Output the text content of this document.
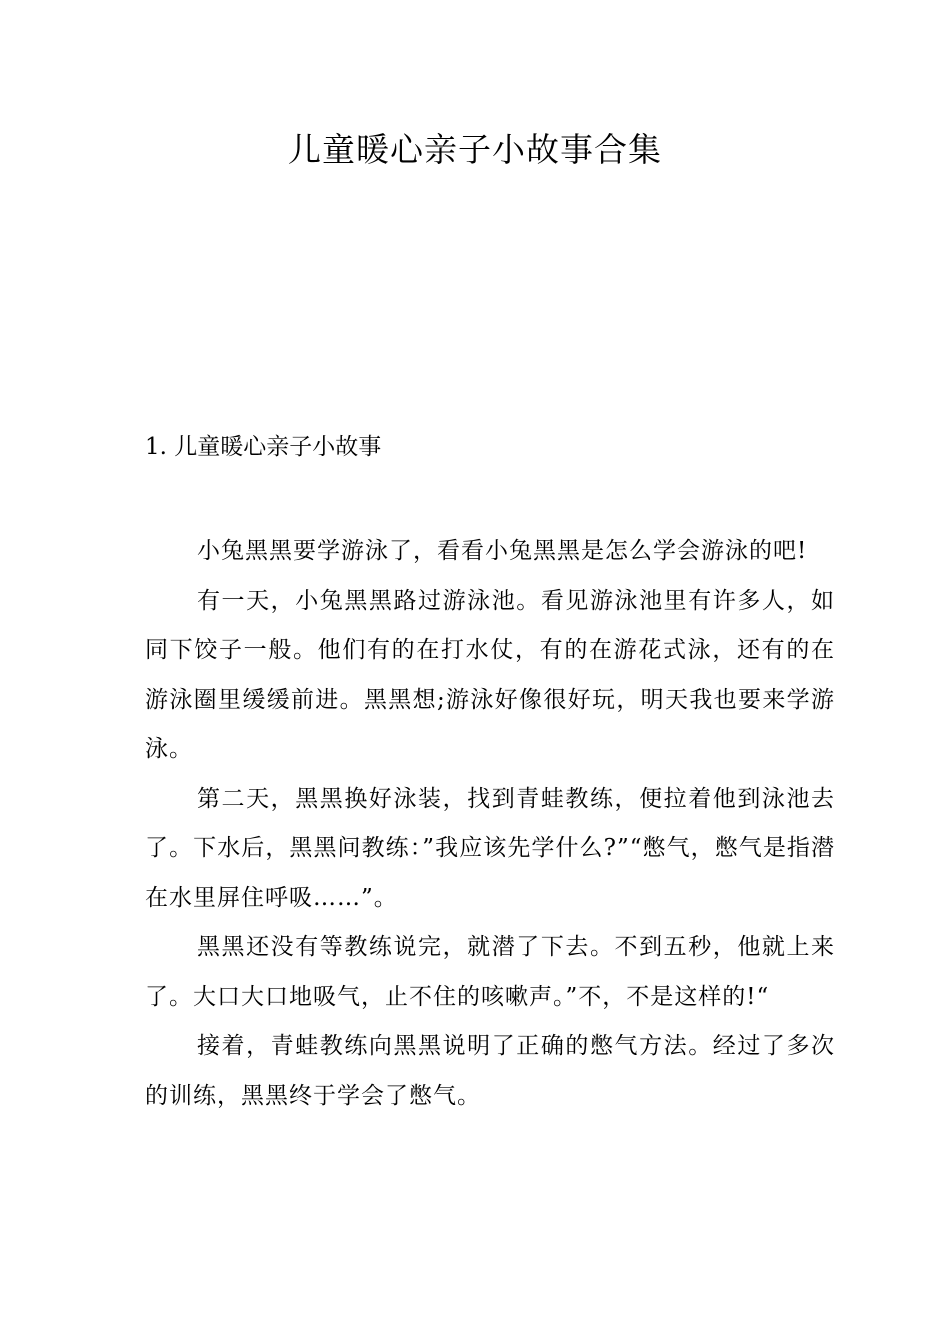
儿童暖心亲子小故事合集
1. 儿童暖心亲子小故事

小兔黑黑要学游泳了，看看小兔黑黑是怎么学会游泳的吧!

有一天，小兔黑黑路过游泳池。看见游泳池里有许多人，如同下饺子一般。他们有的在打水仗，有的在游花式泳，还有的在游泳圈里缓缓前进。黑黑想;游泳好像很好玩，明天我也要来学游泳。

第二天，黑黑换好泳装，找到青蛙教练，便拉着他到泳池去了。下水后，黑黑问教练：”我应该先学什么?”“憋气，憋气是指潜在水里屏住呼吸……”。

黑黑还没有等教练说完，就潜了下去。不到五秒，他就上来了。大口大口地吸气，止不住的咳嗽声。”不，不是这样的!“

接着，青蛙教练向黑黑说明了正确的憋气方法。经过了多次的训练，黑黑终于学会了憋气。
